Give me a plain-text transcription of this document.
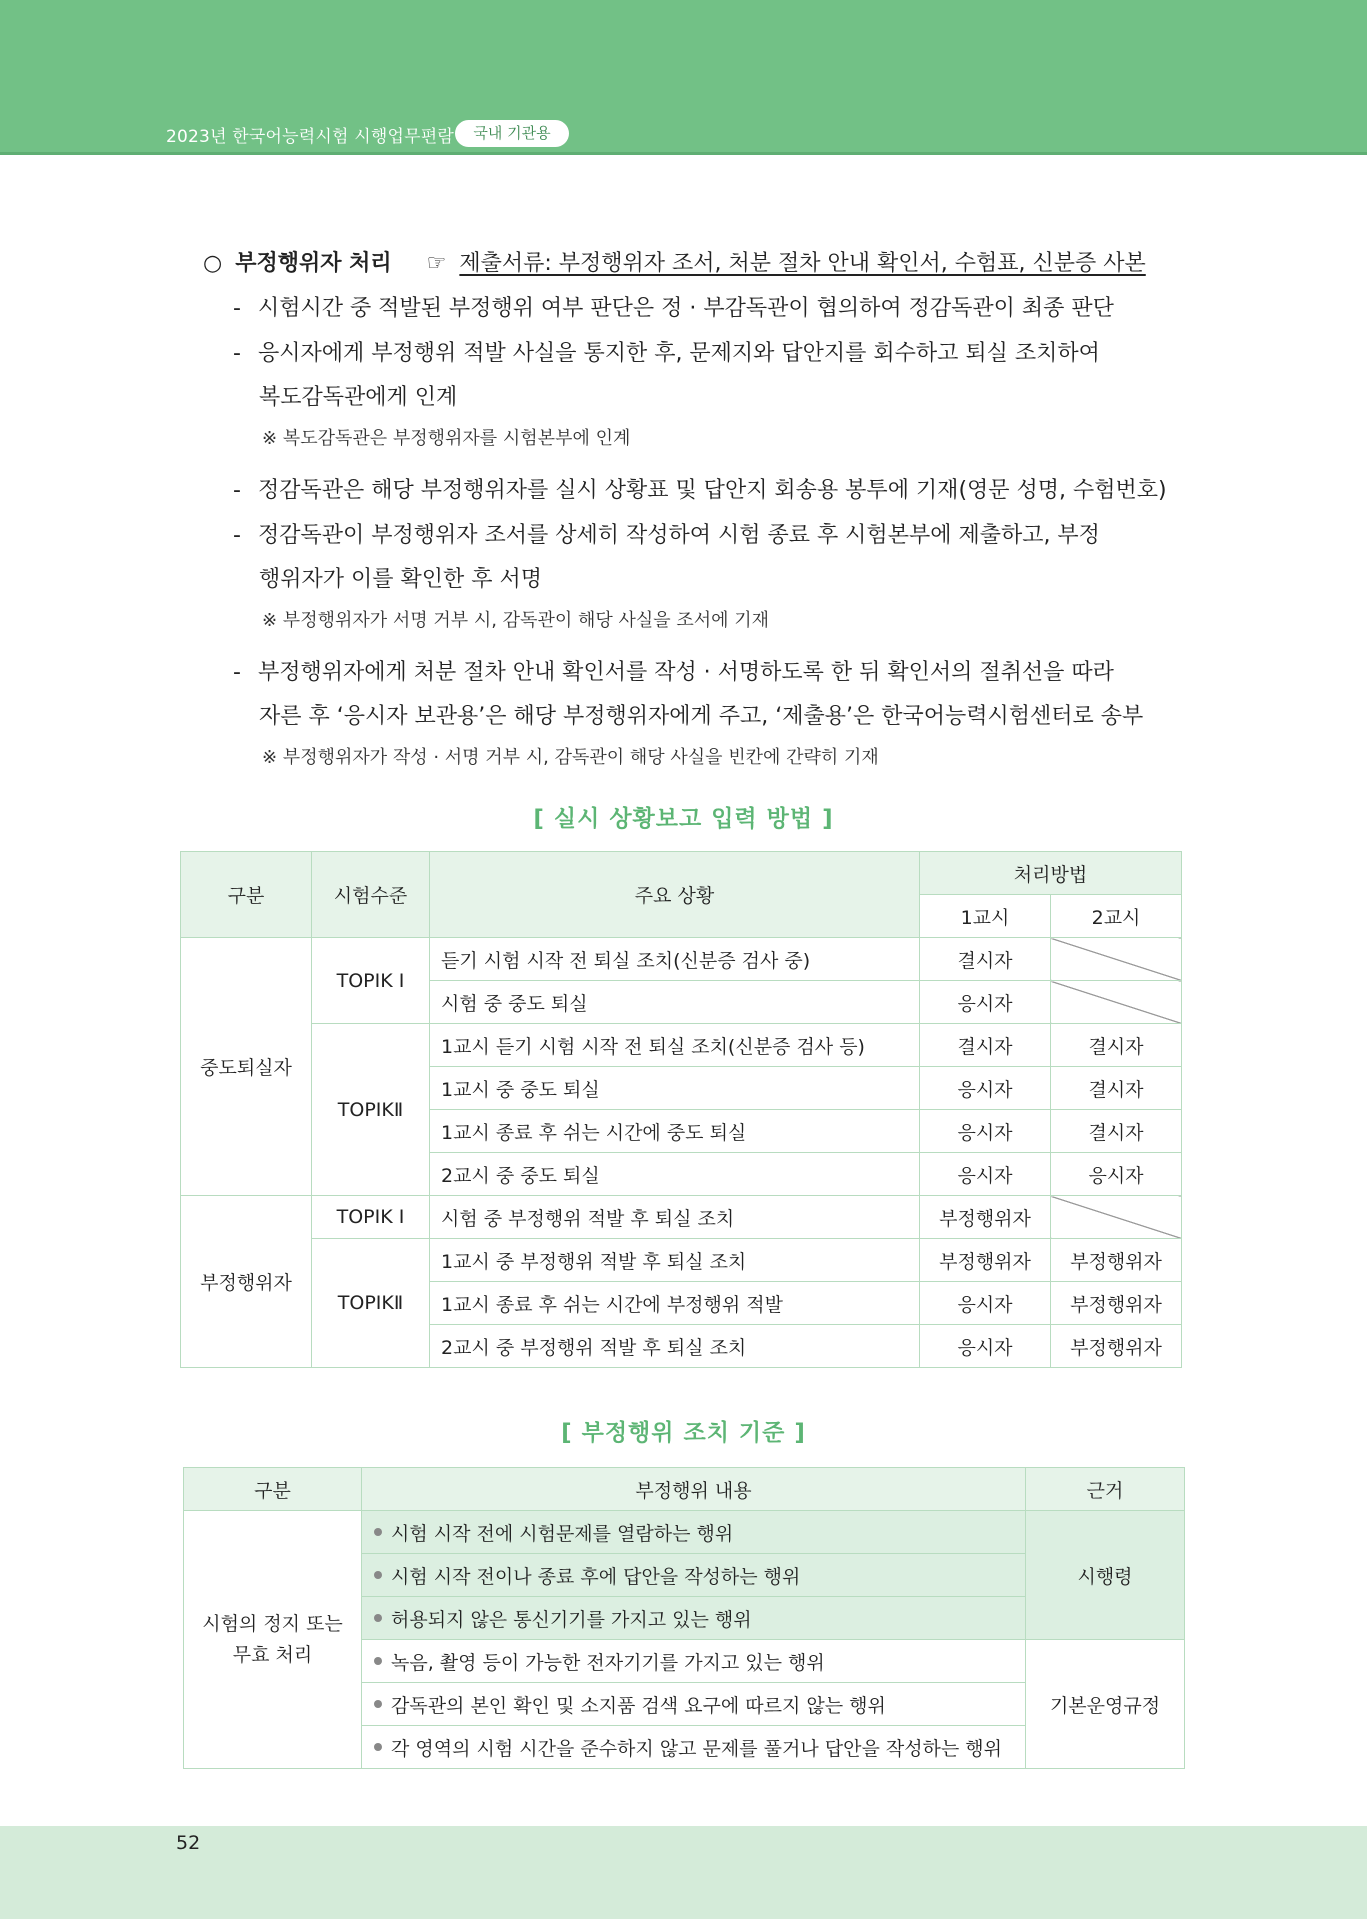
2023년 한국어능력시험 시행업무편람	국내 기관용
○ 부정행위자 처리 ☞ 제출서류: 부정행위자 조서, 처분 절차 안내 확인서, 수험표, 신분증 사본
- 시험시간 중 적발된 부정행위 여부 판단은 정 · 부감독관이 협의하여 정감독관이 최종 판단
- 응시자에게 부정행위 적발 사실을 통지한 후, 문제지와 답안지를 회수하고 퇴실 조치하여
복도감독관에게 인계
※ 복도감독관은 부정행위자를 시험본부에 인계
- 정감독관은 해당 부정행위자를 실시 상황표 및 답안지 회송용 봉투에 기재(영문 성명, 수험번호)
- 정감독관이 부정행위자 조서를 상세히 작성하여 시험 종료 후 시험본부에 제출하고, 부정
행위자가 이를 확인한 후 서명
※ 부정행위자가 서명 거부 시, 감독관이 해당 사실을 조서에 기재
- 부정행위자에게 처분 절차 안내 확인서를 작성 · 서명하도록 한 뒤 확인서의 절취선을 따라
자른 후 ‘응시자 보관용’은 해당 부정행위자에게 주고, ‘제출용’은 한국어능력시험센터로 송부
※ 부정행위자가 작성 · 서명 거부 시, 감독관이 해당 사실을 빈칸에 간략히 기재
[ 실시 상황보고 입력 방법 ]
구분	시험수준	주요 상황	처리방법	
			1교시	2교시
중도퇴실자	TOPIK Ⅰ	듣기 시험 시작 전 퇴실 조치(신분증 검사 중)	결시자	
		시험 중 중도 퇴실	응시자	
	TOPIKⅡ	1교시 듣기 시험 시작 전 퇴실 조치(신분증 검사 등)	결시자	결시자
		1교시 중 중도 퇴실	응시자	결시자
		1교시 종료 후 쉬는 시간에 중도 퇴실	응시자	결시자
		2교시 중 중도 퇴실	응시자	응시자
부정행위자	TOPIK Ⅰ	시험 중 부정행위 적발 후 퇴실 조치	부정행위자	
	TOPIKⅡ	1교시 중 부정행위 적발 후 퇴실 조치	부정행위자	부정행위자
		1교시 종료 후 쉬는 시간에 부정행위 적발	응시자	부정행위자
		2교시 중 부정행위 적발 후 퇴실 조치	응시자	부정행위자
[ 부정행위 조치 기준 ]
구분	부정행위 내용	근거
시험의 정지 또는
무효 처리	시험 시작 전에 시험문제를 열람하는 행위	시행령
	시험 시작 전이나 종료 후에 답안을 작성하는 행위	
	허용되지 않은 통신기기를 가지고 있는 행위	
	녹음, 촬영 등이 가능한 전자기기를 가지고 있는 행위	기본운영규정
	감독관의 본인 확인 및 소지품 검색 요구에 따르지 않는 행위	
	각 영역의 시험 시간을 준수하지 않고 문제를 풀거나 답안을 작성하는 행위	
52
